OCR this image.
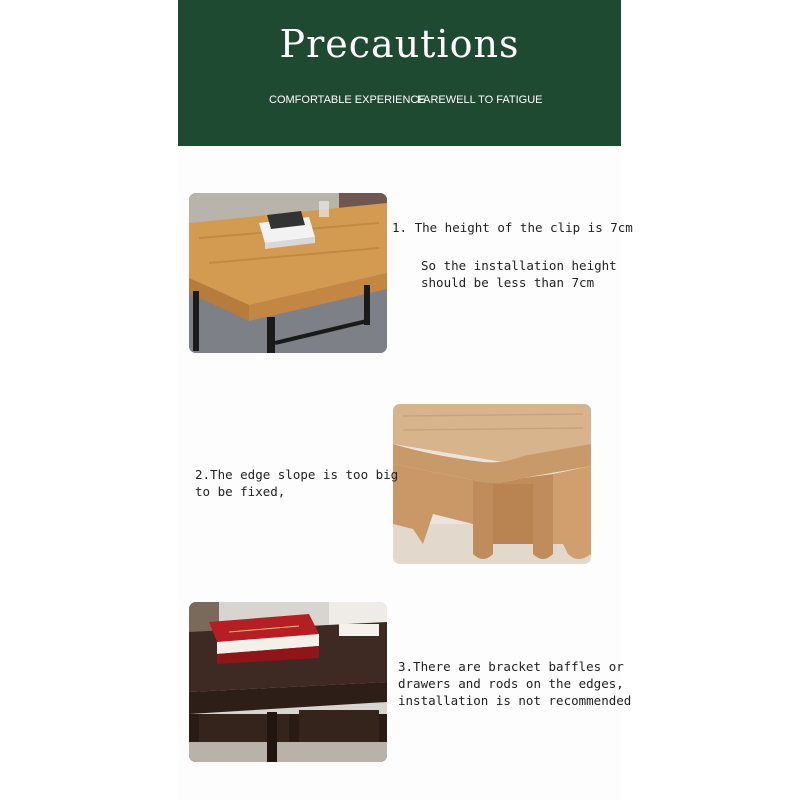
Precautions
COMFORTABLE EXPERIENCE
FAREWELL TO FATIGUE
1. The height of the clip is 7cm
So the installation height
should be less than 7cm
2.The edge slope is too big
to be fixed,
3.There are bracket baffles or
drawers and rods on the edges,
installation is not recommended
